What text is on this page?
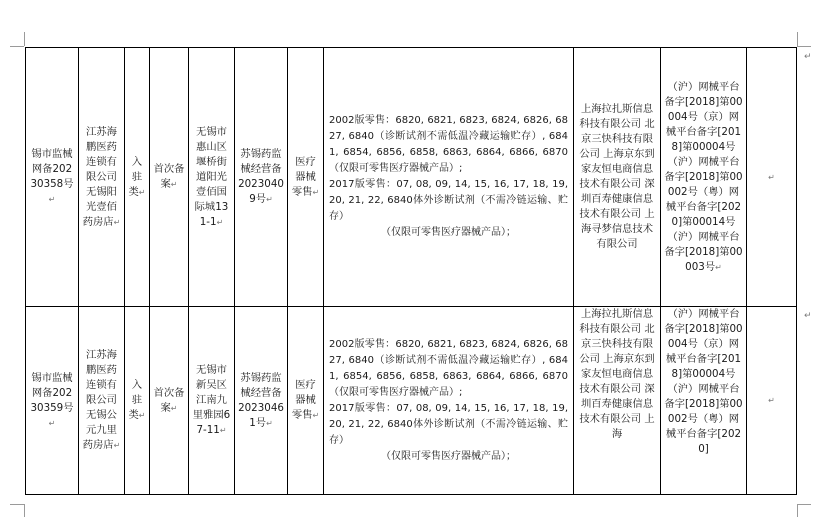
↵
↵
锡市监械网备20230358号↵	江苏海鹏医药连锁有限公司无锡阳光壹佰药房店↵	入驻类↵	首次备案↵	无锡市惠山区堰桥街道阳光壹佰国际城131-1↵	苏锡药监械经营备20230409号↵	医疗器械零售↵	2002版零售：6820, 6821, 6823, 6824, 6826, 6827, 6840（诊断试剂不需低温冷藏运输贮存）, 6841, 6854, 6856, 6858, 6863, 6864, 6866, 6870 （仅限可零售医疗器械产品）;
2017版零售：07, 08, 09, 14, 15, 16, 17, 18, 19, 20, 21, 22, 6840体外诊断试剂（不需冷链运输、贮存）
（仅限可零售医疗器械产品）；	上海拉扎斯信息科技有限公司 北京三快科技有限公司 上海京东到家友恒电商信息技术有限公司 深圳百寿健康信息技术有限公司 上海寻梦信息技术有限公司	（沪）网械平台备字[2018]第00004号（京）网械平台备字[2018]第00004号（沪）网械平台备字[2018]第00002号（粤）网械平台备字[2020]第00014号（沪）网械平台备字[2018]第00003号↵	↵
锡市监械网备20230359号↵	江苏海鹏医药连锁有限公司无锡公元九里药房店↵	入驻类↵	首次备案↵	无锡市新吴区江南九里雅园67-11↵	苏锡药监械经营备20230461号↵	医疗器械零售↵	2002版零售：6820, 6821, 6823, 6824, 6826, 6827, 6840（诊断试剂不需低温冷藏运输贮存）, 6841, 6854, 6856, 6858, 6863, 6864, 6866, 6870 （仅限可零售医疗器械产品）;
2017版零售：07, 08, 09, 14, 15, 16, 17, 18, 19, 20, 21, 22, 6840体外诊断试剂（不需冷链运输、贮存）
（仅限可零售医疗器械产品）；	上海拉扎斯信息科技有限公司 北京三快科技有限公司 上海京东到家友恒电商信息技术有限公司 深圳百寿健康信息技术有限公司 上海	（沪）网械平台备字[2018]第00004号（京）网械平台备字[2018]第00004号（沪）网械平台备字[2018]第00002号（粤）网械平台备字[2020]	↵
